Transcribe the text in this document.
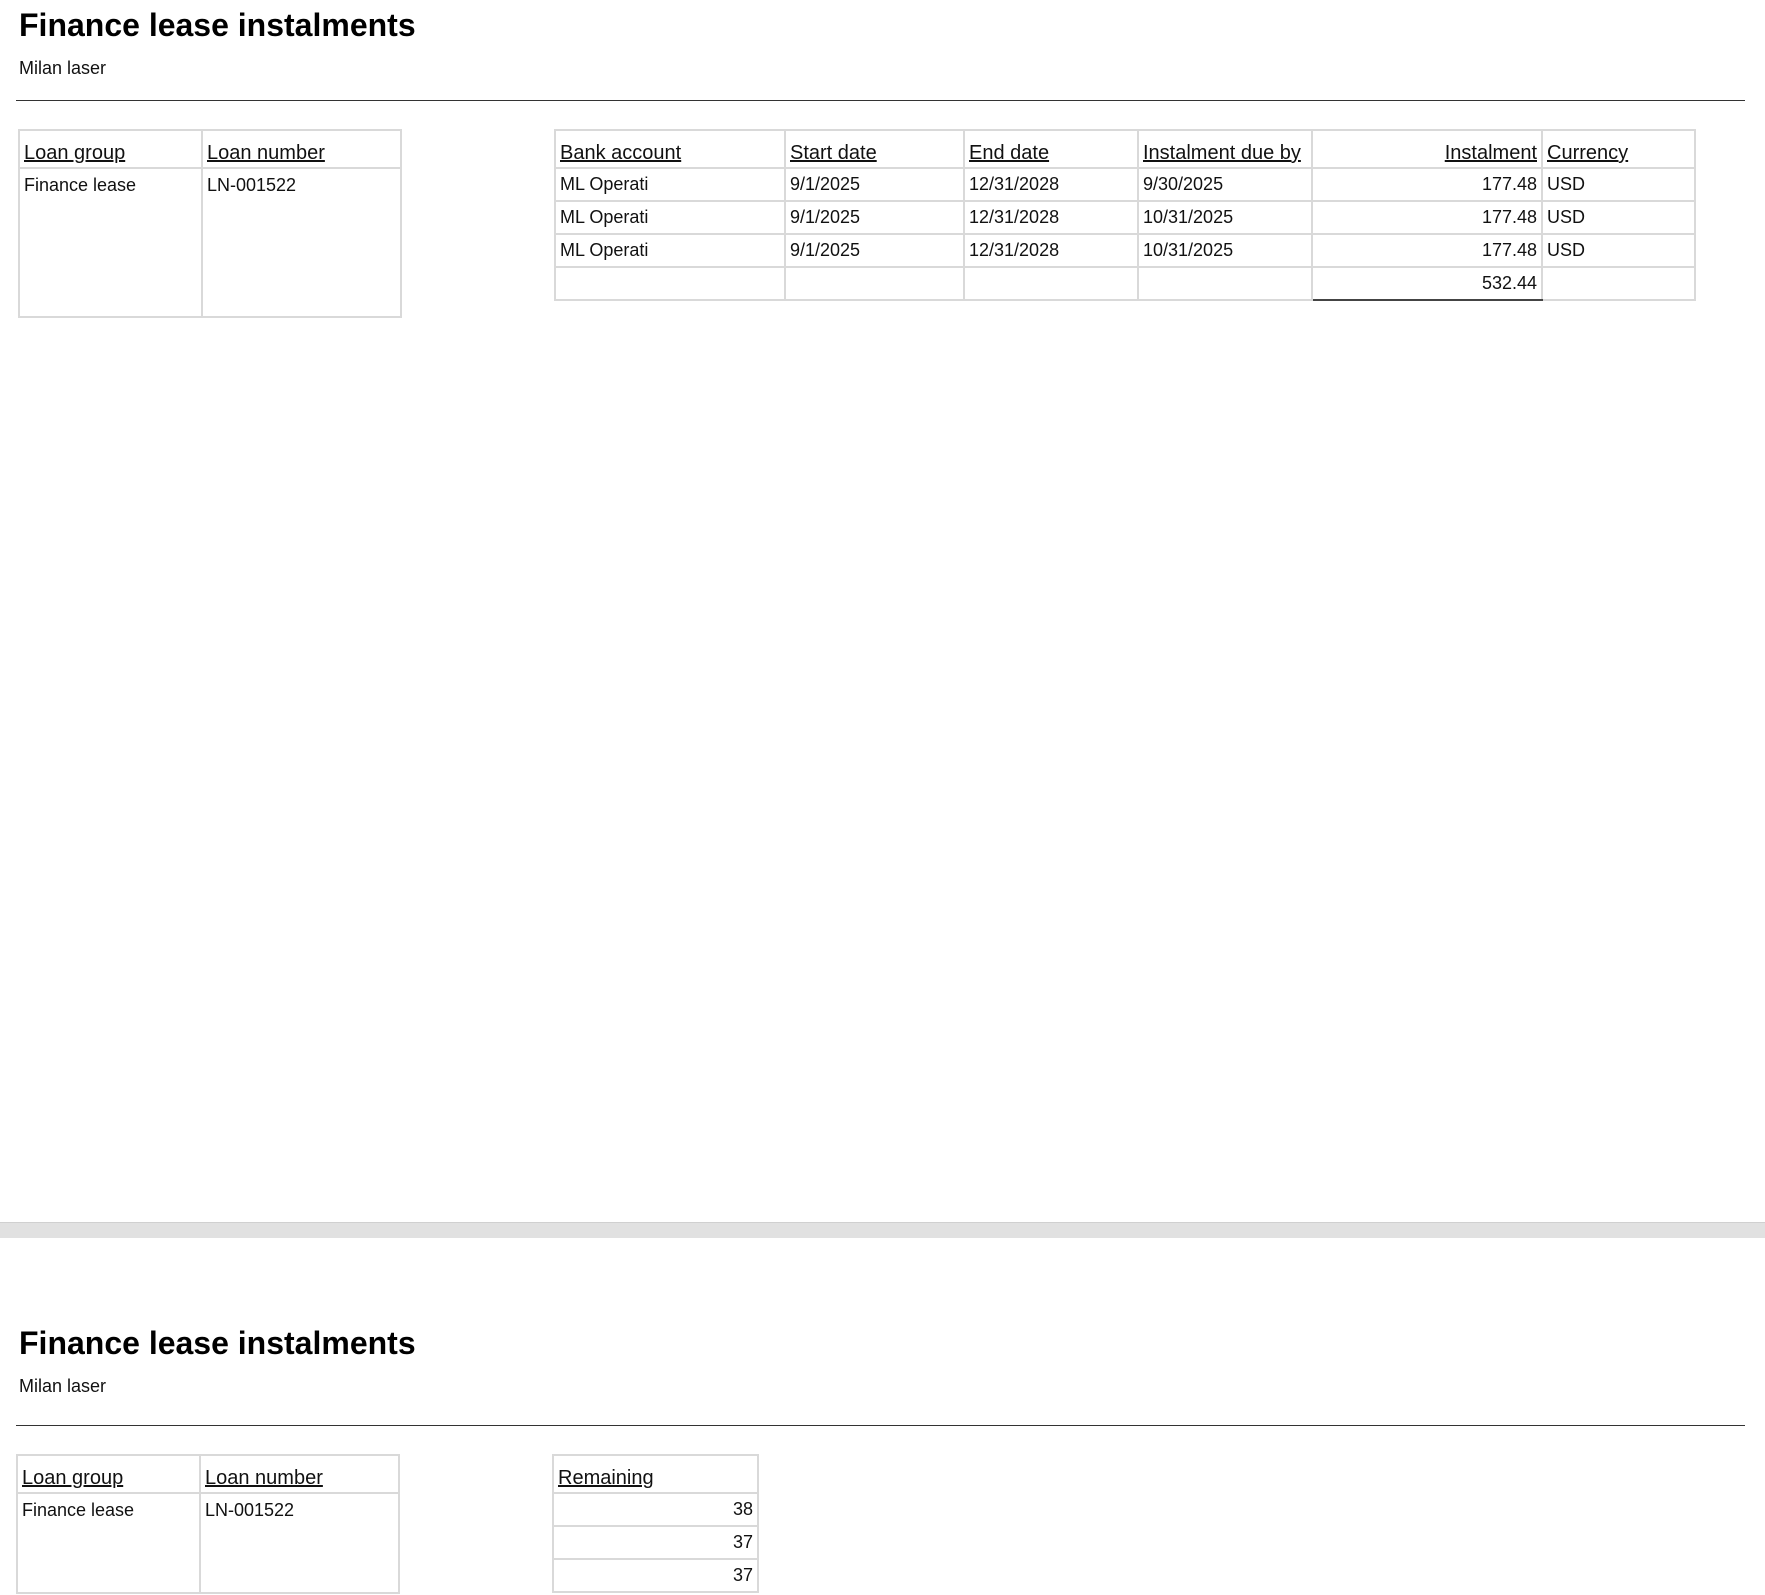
Finance lease instalments

Milan laser

Loan group	Loan number
Finance lease	LN-001522
Bank account	Start date	End date	Instalment due by	Instalment	Currency
ML Operati	9/1/2025	12/31/2028	9/30/2025	177.48	USD
ML Operati	9/1/2025	12/31/2028	10/31/2025	177.48	USD
ML Operati	9/1/2025	12/31/2028	10/31/2025	177.48	USD
				532.44	
Finance lease instalments

Milan laser

Loan group	Loan number
Finance lease	LN-001522
Remaining
38
37
37
